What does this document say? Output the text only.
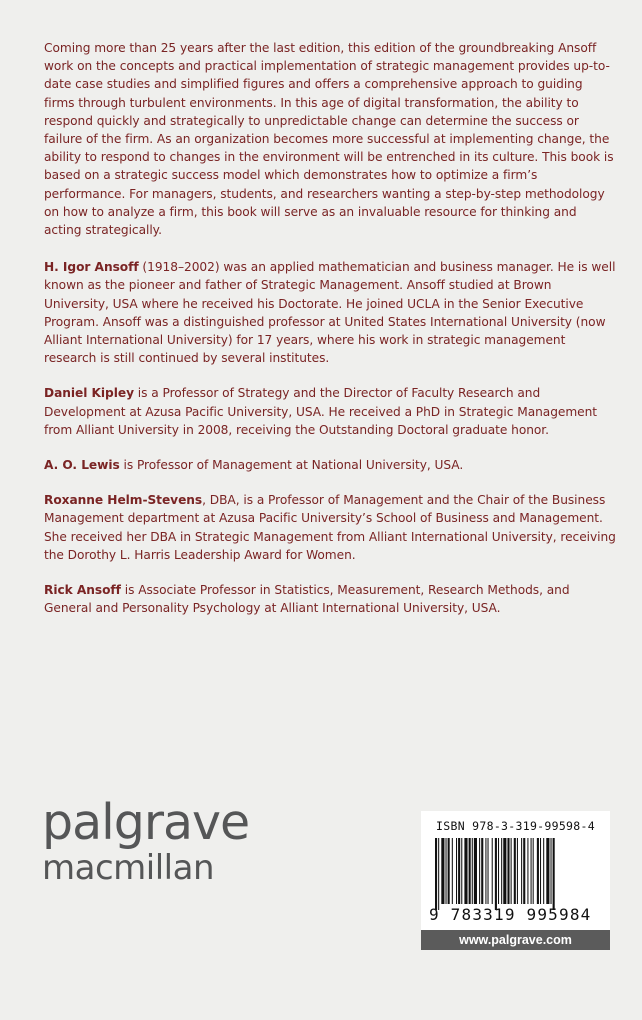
Coming more than 25 years after the last edition, this edition of the groundbreaking Ansoff work on the concepts and practical implementation of strategic management provides up-to-date case studies and simplified figures and offers a comprehensive approach to guiding firms through turbulent environments. In this age of digital transformation, the ability to respond quickly and strategically to unpredictable change can determine the success or failure of the firm. As an organization becomes more successful at implementing change, the ability to respond to changes in the environment will be entrenched in its culture. This book is based on a strategic success model which demonstrates how to optimize a firm’s performance. For managers, students, and researchers wanting a step-by-step methodology on how to analyze a firm, this book will serve as an invaluable resource for thinking and acting strategically.

H. Igor Ansoff (1918–2002) was an applied mathematician and business manager. He is well known as the pioneer and father of Strategic Management. Ansoff studied at Brown University, USA where he received his Doctorate. He joined UCLA in the Senior Executive Program. Ansoff was a distinguished professor at United States International University (now Alliant International University) for 17 years, where his work in strategic management research is still continued by several institutes.

Daniel Kipley is a Professor of Strategy and the Director of Faculty Research and Development at Azusa Pacific University, USA. He received a PhD in Strategic Management from Alliant University in 2008, receiving the Outstanding Doctoral graduate honor.

A. O. Lewis is Professor of Management at National University, USA.

Roxanne Helm-Stevens, DBA, is a Professor of Management and the Chair of the Business Management department at Azusa Pacific University’s School of Business and Management. She received her DBA in Strategic Management from Alliant International University, receiving the Dorothy L. Harris Leadership Award for Women.

Rick Ansoff is Associate Professor in Statistics, Measurement, Research Methods, and General and Personality Psychology at Alliant International University, USA.

palgrave
macmillan
ISBN 978-3-319-99598-4
9 783319 995984
www.palgrave.com
